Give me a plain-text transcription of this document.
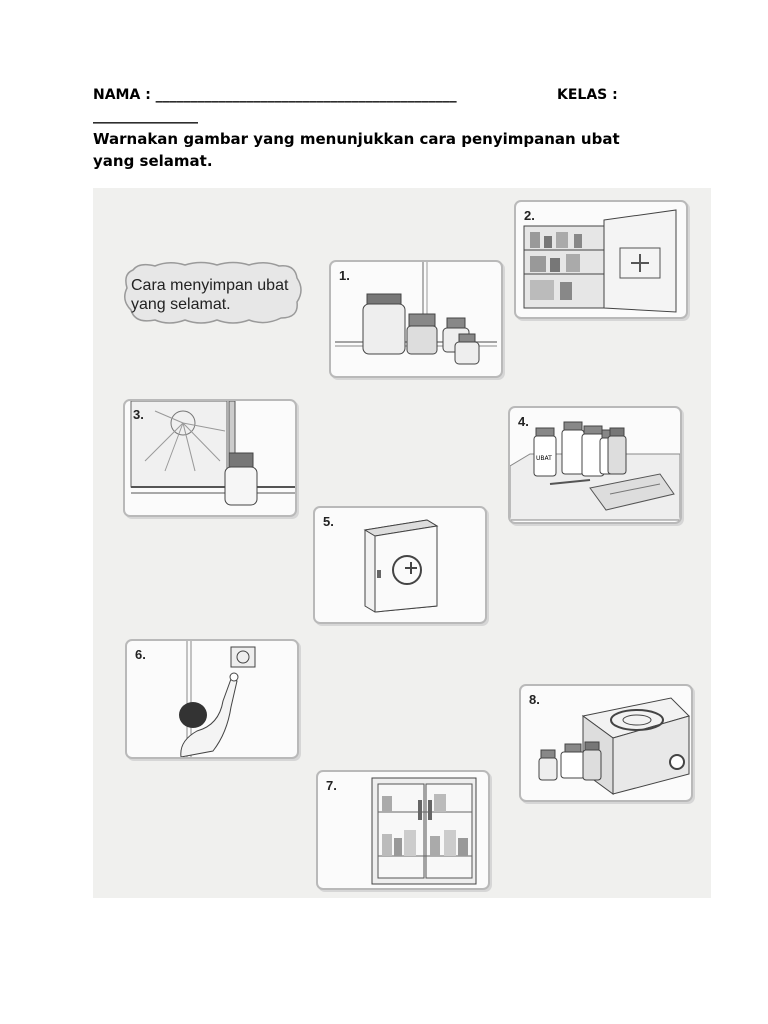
NAMA : ___________________________________________	KELAS :
_______________
Warnakan gambar yang menunjukkan cara penyimpanan ubat yang selamat.
Cara menyimpan ubat yang selamat.
1.
2.
3.
UBAT
4.
5.
6.
7.
8.
